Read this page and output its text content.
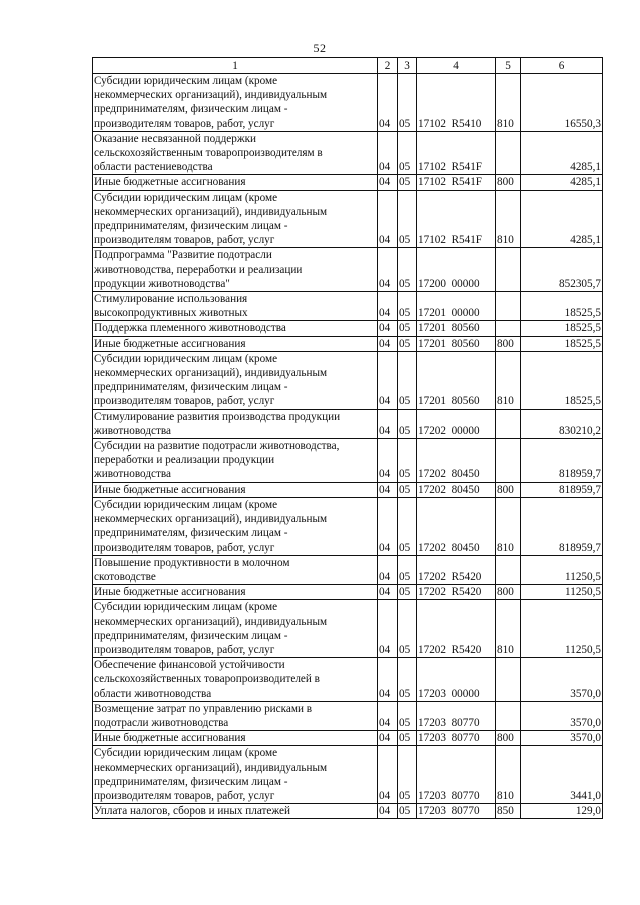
52
1	2	3	4	5	6
Субсидии юридическим лицам (кроме
некоммерческих организаций), индивидуальным
предпринимателям, физическим лицам -
производителям товаров, работ, услуг	04	05	17102  R5410	810	16550,3
Оказание несвязанной поддержки
сельскохозяйственным товаропроизводителям в
области растениеводства	04	05	17102  R541F		4285,1
Иные бюджетные ассигнования	04	05	17102  R541F	800	4285,1
Субсидии юридическим лицам (кроме
некоммерческих организаций), индивидуальным
предпринимателям, физическим лицам -
производителям товаров, работ, услуг	04	05	17102  R541F	810	4285,1
Подпрограмма "Развитие подотрасли
животноводства, переработки и реализации
продукции животноводства"	04	05	17200  00000		852305,7
Стимулирование использования
высокопродуктивных животных	04	05	17201  00000		18525,5
Поддержка племенного животноводства	04	05	17201  80560		18525,5
Иные бюджетные ассигнования	04	05	17201  80560	800	18525,5
Субсидии юридическим лицам (кроме
некоммерческих организаций), индивидуальным
предпринимателям, физическим лицам -
производителям товаров, работ, услуг	04	05	17201  80560	810	18525,5
Стимулирование развития производства продукции
животноводства	04	05	17202  00000		830210,2
Субсидии на развитие подотрасли животноводства,
переработки и реализации продукции
животноводства	04	05	17202  80450		818959,7
Иные бюджетные ассигнования	04	05	17202  80450	800	818959,7
Субсидии юридическим лицам (кроме
некоммерческих организаций), индивидуальным
предпринимателям, физическим лицам -
производителям товаров, работ, услуг	04	05	17202  80450	810	818959,7
Повышение продуктивности в молочном
скотоводстве	04	05	17202  R5420		11250,5
Иные бюджетные ассигнования	04	05	17202  R5420	800	11250,5
Субсидии юридическим лицам (кроме
некоммерческих организаций), индивидуальным
предпринимателям, физическим лицам -
производителям товаров, работ, услуг	04	05	17202  R5420	810	11250,5
Обеспечение финансовой устойчивости
сельскохозяйственных товаропроизводителей в
области животноводства	04	05	17203  00000		3570,0
Возмещение затрат по управлению рисками в
подотрасли животноводства	04	05	17203  80770		3570,0
Иные бюджетные ассигнования	04	05	17203  80770	800	3570,0
Субсидии юридическим лицам (кроме
некоммерческих организаций), индивидуальным
предпринимателям, физическим лицам -
производителям товаров, работ, услуг	04	05	17203  80770	810	3441,0
Уплата налогов, сборов и иных платежей	04	05	17203  80770	850	129,0
